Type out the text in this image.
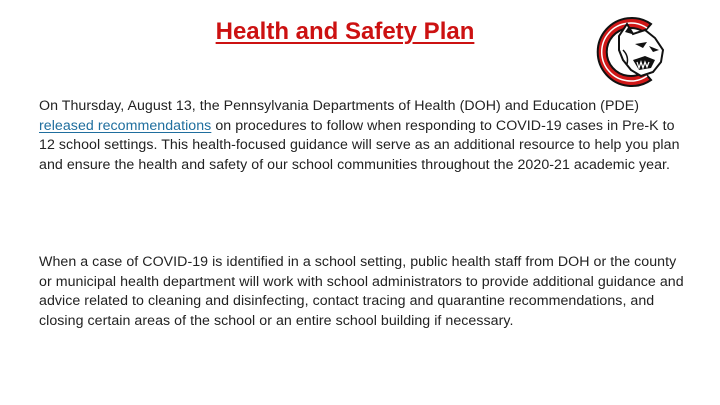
Health and Safety Plan

On Thursday, August 13, the Pennsylvania Departments of Health (DOH) and Education (PDE) released recommendations on procedures to follow when responding to COVID-19 cases in Pre-K to 12 school settings. This health-focused guidance will serve as an additional resource to help you plan and ensure the health and safety of our school communities throughout the 2020-21 academic year.

When a case of COVID-19 is identified in a school setting, public health staff from DOH or the county or municipal health department will work with school administrators to provide additional guidance and advice related to cleaning and disinfecting, contact tracing and quarantine recommendations, and closing certain areas of the school or an entire school building if necessary.
